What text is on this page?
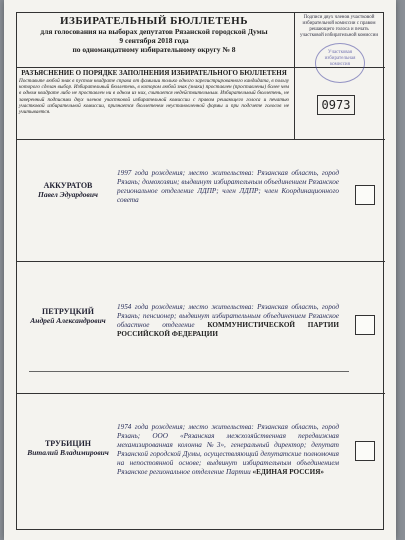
ИЗБИРАТЕЛЬНЫЙ БЮЛЛЕТЕНЬ
для голосования на выборах депутатов Рязанской городской Думы
9 сентября 2018 года
по одномандатному избирательному округу № 8
Подписи двух членов участковой избирательной комиссии с правом решающего голоса и печать участковой избирательной комиссии
Участковая избирательная комиссия
0973
РАЗЪЯСНЕНИЕ О ПОРЯДКЕ ЗАПОЛНЕНИЯ ИЗБИРАТЕЛЬНОГО БЮЛЛЕТЕНЯ
Поставьте любой знак в пустом квадрате справа от фамилии только одного зарегистрированного кандидата, в пользу которого сделан выбор. Избирательный бюллетень, в котором любой знак (знаки) проставлен (проставлены) более чем в одном квадрате либо не проставлен ни в одном из них, считается недействительным. Избирательный бюллетень, не заверенный подписями двух членов участковой избирательной комиссии с правом решающего голоса и печатью участковой избирательной комиссии, признается бюллетенем неустановленной формы и при подсчете голосов не учитывается.
АККУРАТОВ
Павел Эдуардович
1997 года рождения; место жительства: Рязанская область, город Рязань; домохозяин; выдвинут избирательным объединением Рязанское региональное отделение ЛДПР; член ЛДПР; член Координационного совета
ПЕТРУЦКИЙ
Андрей Александрович
1954 года рождения; место жительства: Рязанская область, город Рязань; пенсионер; выдвинут избирательным объединением Рязанское областное отделение КОММУНИСТИЧЕСКОЙ ПАРТИИ РОССИЙСКОЙ ФЕДЕРАЦИИ
ТРУБИЦИН
Виталий Владимирович
1974 года рождения; место жительства: Рязанская область, город Рязань; ООО «Рязанская межхозяйственная передвижная механизированная колонна №3», генеральный директор; депутат Рязанской городской Думы, осуществляющий депутатские полномочия на непостоянной основе; выдвинут избирательным объединением Рязанское региональное отделение Партии «ЕДИНАЯ РОССИЯ»
